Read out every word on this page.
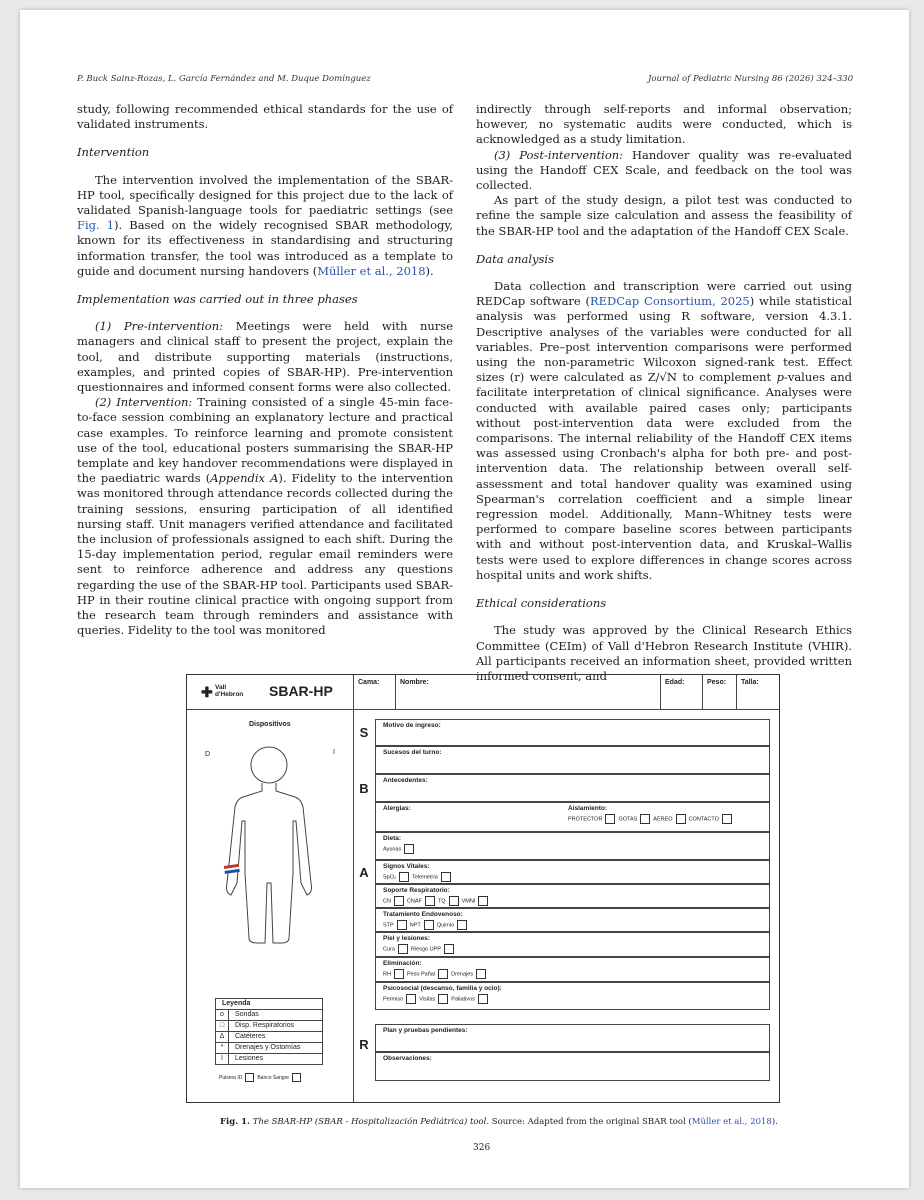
P. Buck Sainz-Rozas, L. García Fernández and M. Duque Domínguez	Journal of Pediatric Nursing 86 (2026) 324–330

study, following recommended ethical standards for the use of validated instruments.

Intervention

The intervention involved the implementation of the SBAR-HP tool, specifically designed for this project due to the lack of validated Spanish-language tools for paediatric settings (see Fig. 1). Based on the widely recognised SBAR methodology, known for its effectiveness in standardising and structuring information transfer, the tool was introduced as a template to guide and document nursing handovers (Müller et al., 2018).

Implementation was carried out in three phases

(1) Pre-intervention: Meetings were held with nurse managers and clinical staff to present the project, explain the tool, and distribute supporting materials (instructions, examples, and printed copies of SBAR-HP). Pre-intervention questionnaires and informed consent forms were also collected.

(2) Intervention: Training consisted of a single 45-min face-to-face session combining an explanatory lecture and practical case examples. To reinforce learning and promote consistent use of the tool, educational posters summarising the SBAR-HP template and key handover recommendations were displayed in the paediatric wards (Appendix A). Fidelity to the intervention was monitored through attendance records collected during the training sessions, ensuring participation of all identified nursing staff. Unit managers verified attendance and facilitated the inclusion of professionals assigned to each shift. During the 15-day implementation period, regular email reminders were sent to reinforce adherence and address any questions regarding the use of the SBAR-HP tool. Participants used SBAR-HP in their routine clinical practice with ongoing support from the research team through reminders and assistance with queries. Fidelity to the tool was monitored

indirectly through self-reports and informal observation; however, no systematic audits were conducted, which is acknowledged as a study limitation.

(3) Post-intervention: Handover quality was re-evaluated using the Handoff CEX Scale, and feedback on the tool was collected.

As part of the study design, a pilot test was conducted to refine the sample size calculation and assess the feasibility of the SBAR-HP tool and the adaptation of the Handoff CEX Scale.

Data analysis

Data collection and transcription were carried out using REDCap software (REDCap Consortium, 2025) while statistical analysis was performed using R software, version 4.3.1. Descriptive analyses of the variables were conducted for all variables. Pre–post intervention comparisons were performed using the non-parametric Wilcoxon signed-rank test. Effect sizes (r) were calculated as Z/√N to complement p-values and facilitate interpretation of clinical significance. Analyses were conducted with available paired cases only; participants without post-intervention data were excluded from the comparisons. The internal reliability of the Handoff CEX items was assessed using Cronbach's alpha for both pre- and post-intervention data. The relationship between overall self-assessment and total handover quality was examined using Spearman's correlation coefficient and a simple linear regression model. Additionally, Mann–Whitney tests were performed to compare baseline scores between participants with and without post-intervention data, and Kruskal–Wallis tests were used to explore differences in change scores across hospital units and work shifts.

Ethical considerations

The study was approved by the Clinical Research Ethics Committee (CEIm) of Vall d'Hebron Research Institute (VHIR). All participants received an information sheet, provided written informed consent, and

✚ Vall
d'Hebron SBAR-HP
Cama:	Nombre:	Edad:	Peso:	Talla:
Dispositivos
D	I
Leyenda
o	Sondas
□	Disp. Respiratorios
Δ	Catéteres
*	Drenajes y Ostomías
I	Lesiones
Pulsera ID	Banco Sangre
S
B
A
R
Motivo de ingreso:
Sucesos del turno:
Antecedentes:
Alergias:	Aislamiento:
PROTECTOR	GOTAS	AÉREO	CONTACTO
Dieta:
Ayunas
Signos Vitales:
SpO₂	Telemetría
Soporte Respiratorio:
CN	CNAF	TQ	VMNI
Tratamiento Endovenoso:
STP	NPT	Quimio
Piel y lesiones:
Cura	Riesgo UPP
Eliminación:
RH	Peso Pañal	Drenajes
Psicosocial (descanso, familia y ocio):
Permiso	Visitas	Paliativos
Plan y pruebas pendientes:
Observaciones:
Fig. 1. The SBAR-HP (SBAR - Hospitalización Pediátrica) tool. Source: Adapted from the original SBAR tool (Müller et al., 2018).
326
